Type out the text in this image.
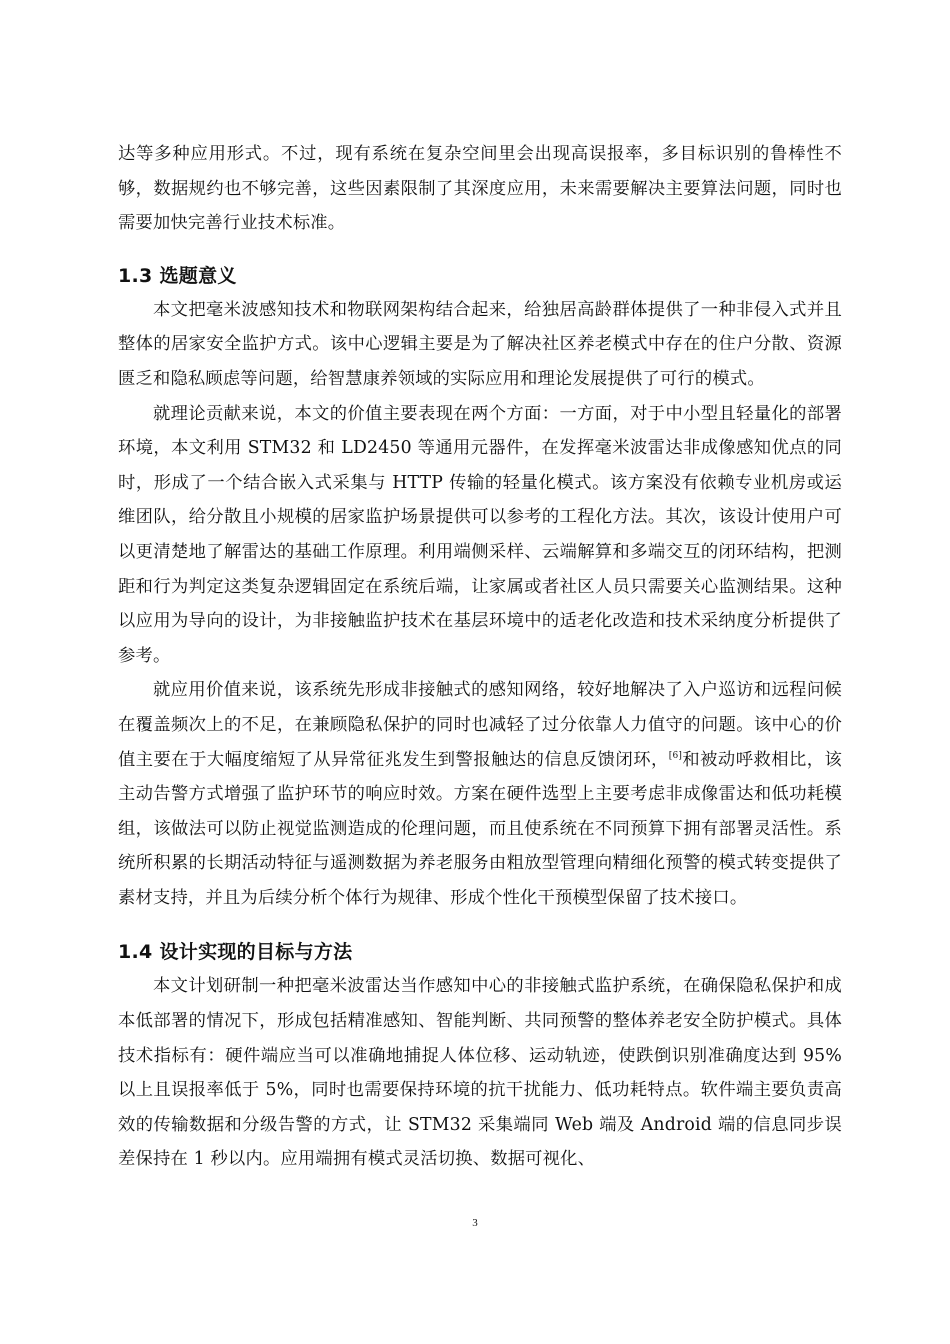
达等多种应用形式。不过，现有系统在复杂空间里会出现高误报率，多目标识别的鲁棒性不够，数据规约也不够完善，这些因素限制了其深度应用，未来需要解决主要算法问题，同时也需要加快完善行业技术标准。

1.3 选题意义

本文把毫米波感知技术和物联网架构结合起来，给独居高龄群体提供了一种非侵入式并且整体的居家安全监护方式。该中心逻辑主要是为了解决社区养老模式中存在的住户分散、资源匮乏和隐私顾虑等问题，给智慧康养领域的实际应用和理论发展提供了可行的模式。

就理论贡献来说，本文的价值主要表现在两个方面：一方面，对于中小型且轻量化的部署环境，本文利用 STM32 和 LD2450 等通用元器件，在发挥毫米波雷达非成像感知优点的同时，形成了一个结合嵌入式采集与 HTTP 传输的轻量化模式。该方案没有依赖专业机房或运维团队，给分散且小规模的居家监护场景提供可以参考的工程化方法。其次，该设计使用户可以更清楚地了解雷达的基础工作原理。利用端侧采样、云端解算和多端交互的闭环结构，把测距和行为判定这类复杂逻辑固定在系统后端，让家属或者社区人员只需要关心监测结果。这种以应用为导向的设计，为非接触监护技术在基层环境中的适老化改造和技术采纳度分析提供了参考。

就应用价值来说，该系统先形成非接触式的感知网络，较好地解决了入户巡访和远程问候在覆盖频次上的不足，在兼顾隐私保护的同时也减轻了过分依靠人力值守的问题。该中心的价值主要在于大幅度缩短了从异常征兆发生到警报触达的信息反馈闭环，[6]和被动呼救相比，该主动告警方式增强了监护环节的响应时效。方案在硬件选型上主要考虑非成像雷达和低功耗模组，该做法可以防止视觉监测造成的伦理问题，而且使系统在不同预算下拥有部署灵活性。系统所积累的长期活动特征与遥测数据为养老服务由粗放型管理向精细化预警的模式转变提供了素材支持，并且为后续分析个体行为规律、形成个性化干预模型保留了技术接口。

1.4 设计实现的目标与方法

本文计划研制一种把毫米波雷达当作感知中心的非接触式监护系统，在确保隐私保护和成本低部署的情况下，形成包括精准感知、智能判断、共同预警的整体养老安全防护模式。具体技术指标有：硬件端应当可以准确地捕捉人体位移、运动轨迹，使跌倒识别准确度达到 95%以上且误报率低于 5%，同时也需要保持环境的抗干扰能力、低功耗特点。软件端主要负责高效的传输数据和分级告警的方式，让 STM32 采集端同 Web 端及 Android 端的信息同步误差保持在 1 秒以内。应用端拥有模式灵活切换、数据可视化、

3
